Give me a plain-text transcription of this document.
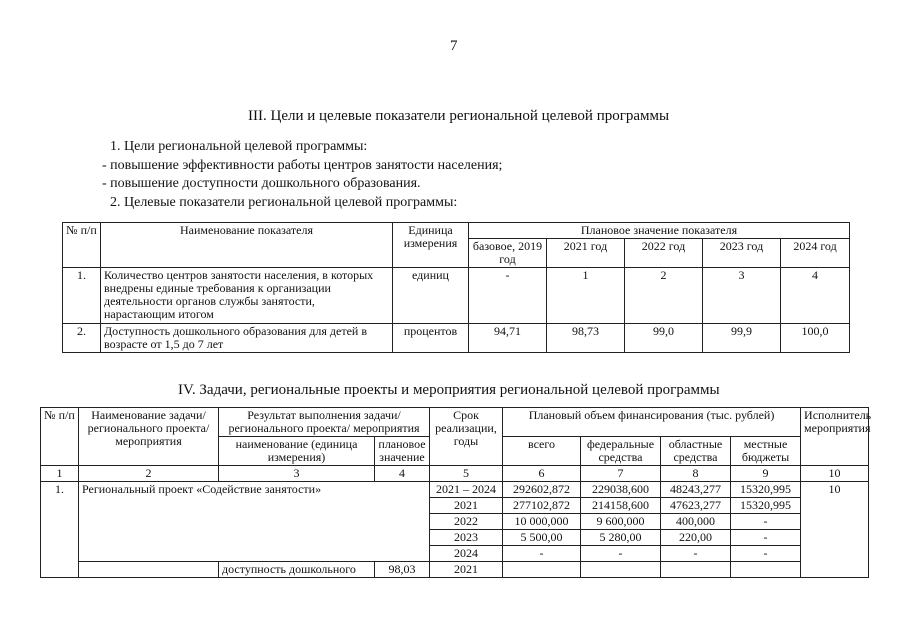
7
III. Цели и целевые показатели региональной целевой программы
1. Цели региональной целевой программы:
- повышение эффективности работы центров занятости населения;
- повышение доступности дошкольного образования.
2. Целевые показатели региональной целевой программы:
№ п/п	Наименование показателя	Единица измерения	Плановое значение показателя				
			базовое, 2019 год	2021 год	2022 год	2023 год	2024 год
1.	Количество центров занятости населения, в которых внедрены единые требования к организации деятельности органов службы занятости, нарастающим итогом	единиц	-	1	2	3	4
2.	Доступность дошкольного образования для детей в возрасте от 1,5 до 7 лет	процентов	94,71	98,73	99,0	99,9	100,0
IV. Задачи, региональные проекты и мероприятия региональной целевой программы
№ п/п	Наименование задачи/ регионального проекта/ мероприятия	Результат выполнения задачи/ регионального проекта/ мероприятия		Срок реализации, годы	Плановый объем финансирования (тыс. рублей)				Исполнитель мероприятия
		наименование (единица измерения)	плановое значение		всего	федеральные средства	областные средства	местные бюджеты	

1	2	3	4	5	6	7	8	9	10
1.	Региональный проект «Содействие занятости»			2021 – 2024	292602,872	229038,600	48243,277	15320,995	10
				2021	277102,872	214158,600	47623,277	15320,995	
				2022	10 000,000	9 600,000	400,000	-	
				2023	5 500,00	5 280,00	220,00	-	
				2024	-	-	-	-	
		доступность дошкольного	98,03	2021					
